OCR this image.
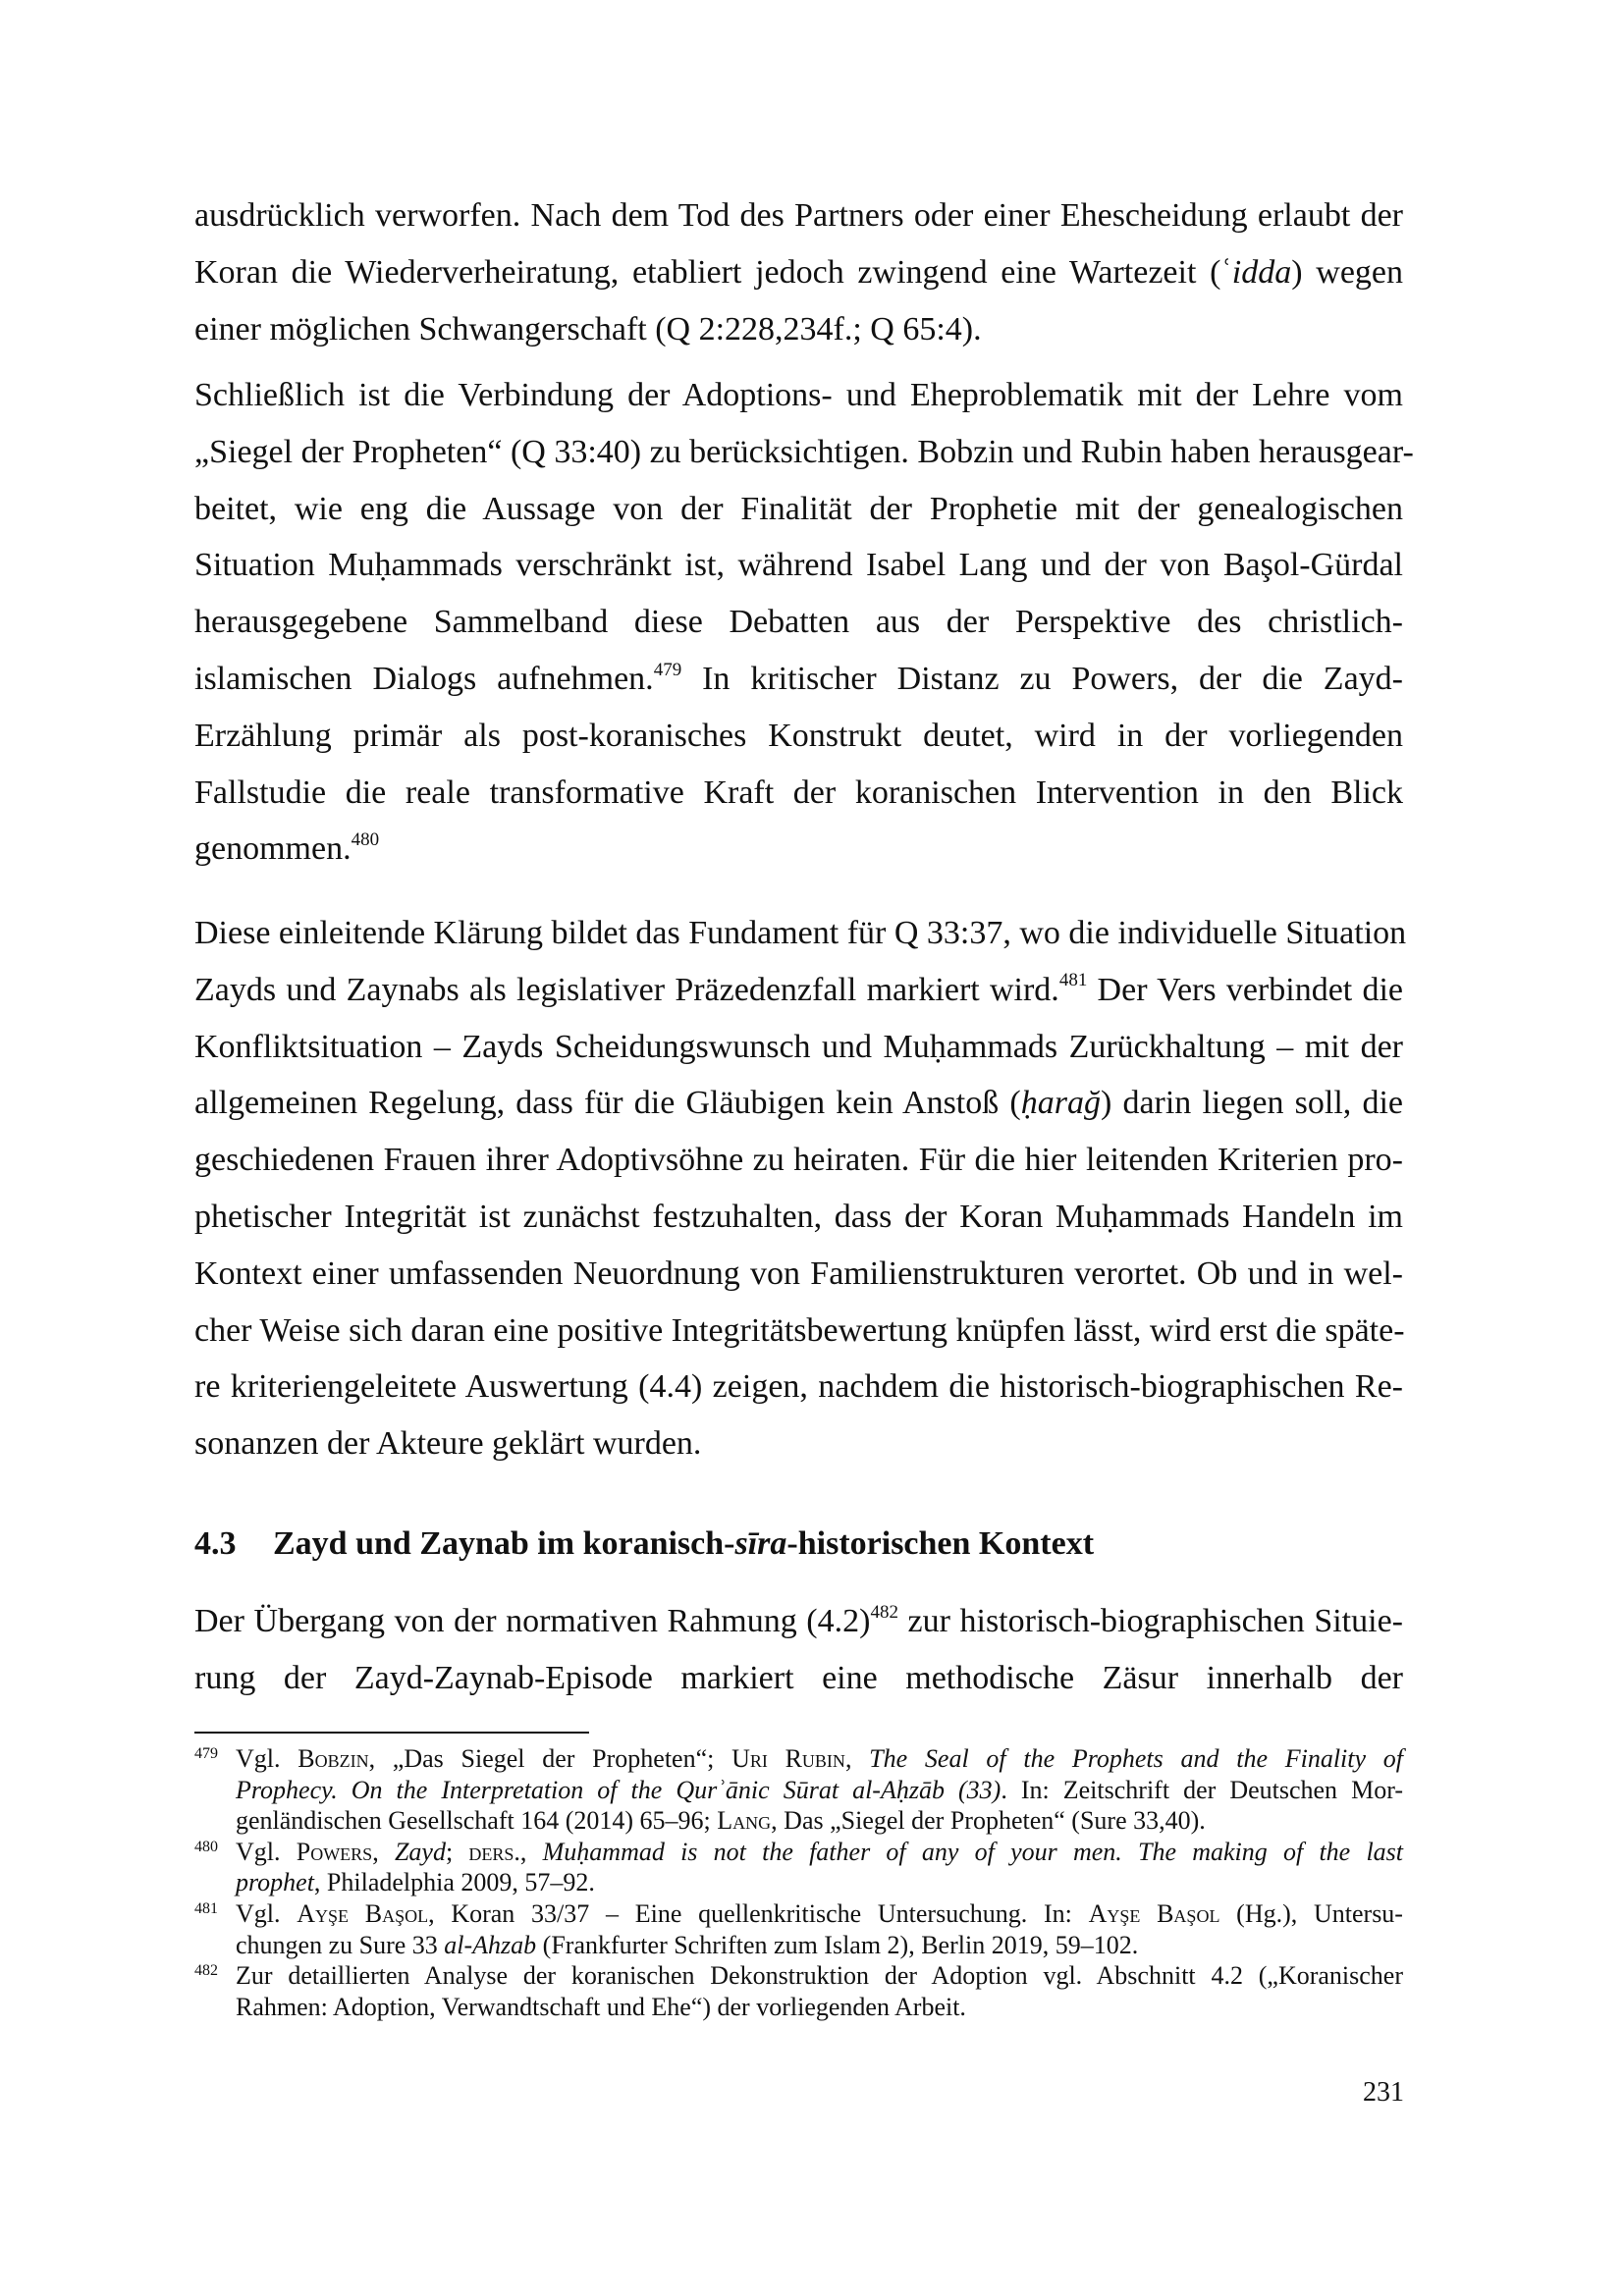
ausdrücklich verworfen. Nach dem Tod des Partners oder einer Ehescheidung erlaubt der
Koran die Wiederverheiratung, etabliert jedoch zwingend eine Wartezeit (ʿidda) wegen
einer möglichen Schwangerschaft (Q 2:228,234f.; Q 65:4).
Schließlich ist die Verbindung der Adoptions- und Eheproblematik mit der Lehre vom
„Siegel der Propheten“ (Q 33:40) zu berücksichtigen. Bobzin und Rubin haben herausgear-
beitet, wie eng die Aussage von der Finalität der Prophetie mit der genealogischen
Situation Muḥammads verschränkt ist, während Isabel Lang und der von Başol-Gürdal
herausgegebene Sammelband diese Debatten aus der Perspektive des christlich-
islamischen Dialogs aufnehmen.$^{479}$ In kritischer Distanz zu Powers, der die Zayd-
Erzählung primär als post-koranisches Konstrukt deutet, wird in der vorliegenden
Fallstudie die reale transformative Kraft der koranischen Intervention in den Blick
genommen.$^{480}$
Diese einleitende Klärung bildet das Fundament für Q 33:37, wo die individuelle Situation
Zayds und Zaynabs als legislativer Präzedenzfall markiert wird.$^{481}$ Der Vers verbindet die
Konfliktsituation – Zayds Scheidungswunsch und Muḥammads Zurückhaltung – mit der
allgemeinen Regelung, dass für die Gläubigen kein Anstoß (ḥarağ) darin liegen soll, die
geschiedenen Frauen ihrer Adoptivsöhne zu heiraten. Für die hier leitenden Kriterien pro-
phetischer Integrität ist zunächst festzuhalten, dass der Koran Muḥammads Handeln im
Kontext einer umfassenden Neuordnung von Familienstrukturen verortet. Ob und in wel-
cher Weise sich daran eine positive Integritätsbewertung knüpfen lässt, wird erst die späte-
re kriteriengeleitete Auswertung (4.4) zeigen, nachdem die historisch-biographischen Re-
sonanzen der Akteure geklärt wurden.
4.3 Zayd und Zaynab im koranisch-sīra-historischen Kontext
Der Übergang von der normativen Rahmung (4.2)$^{482}$ zur historisch-biographischen Situie-
rung der Zayd-Zaynab-Episode markiert eine methodische Zäsur innerhalb der
479 Vgl. Bobzin, „Das Siegel der Propheten“; Uri Rubin, The Seal of the Prophets and the Finality of
Prophecy. On the Interpretation of the Qurʾānic Sūrat al-Aḥzāb (33). In: Zeitschrift der Deutschen Mor-
genländischen Gesellschaft 164 (2014) 65–96; Lang, Das „Siegel der Propheten“ (Sure 33,40).
480 Vgl. Powers, Zayd; ders., Muḥammad is not the father of any of your men. The making of the last
prophet, Philadelphia 2009, 57–92.
481 Vgl. Ayşe Başol, Koran 33/37 – Eine quellenkritische Untersuchung. In: Ayşe Başol (Hg.), Untersu-
chungen zu Sure 33 al-Ahzab (Frankfurter Schriften zum Islam 2), Berlin 2019, 59–102.
482 Zur detaillierten Analyse der koranischen Dekonstruktion der Adoption vgl. Abschnitt 4.2 („Koranischer
Rahmen: Adoption, Verwandtschaft und Ehe“) der vorliegenden Arbeit.
231
